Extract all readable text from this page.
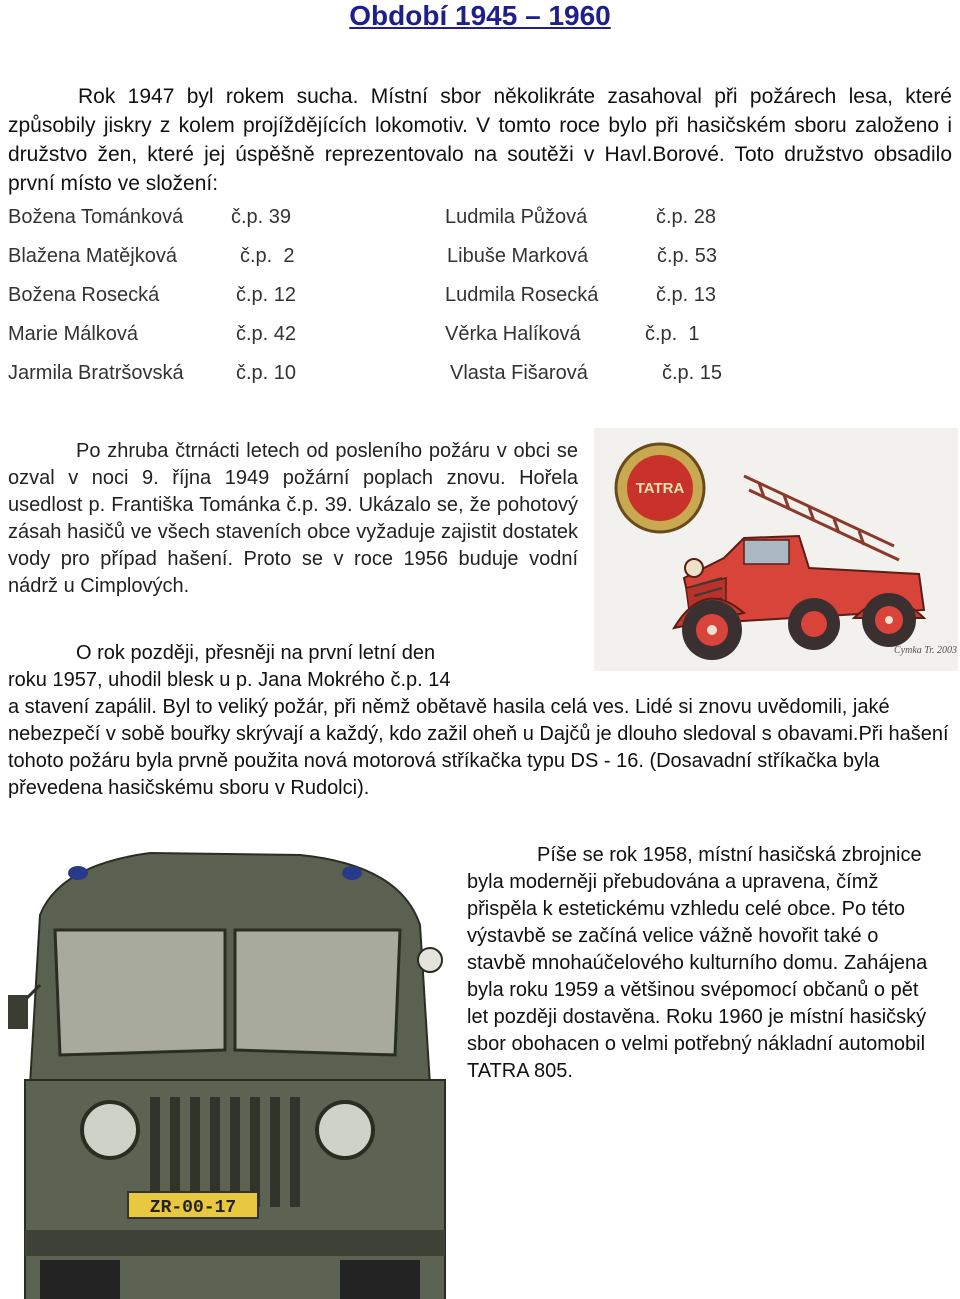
Období 1945 – 1960
Rok 1947 byl rokem sucha. Místní sbor několikráte zasahoval při požárech lesa, které způsobily jiskry z kolem projíždějících lokomotiv. V tomto roce bylo při hasičském sboru založeno i družstvo žen, které jej úspěšně reprezentovalo na soutěži v Havl.Borové. Toto družstvo obsadilo první místo ve složení:
Božena Tománková č.p. 39	Ludmila Půžová	č.p. 28
Blažena Matějková	č.p.  2	Libuše Marková	č.p. 53
Božena Rosecká	č.p. 12	Ludmila Rosecká	č.p. 13
Marie Málková	č.p. 42	Věrka Halíková	č.p.  1
Jarmila Bratršovská	č.p. 10	Vlasta Fišarová	č.p. 15
Po zhruba čtrnácti letech od posleního požáru v obci se ozval v noci 9. října 1949 požární poplach znovu. Hořela usedlost p. Františka Tománka č.p. 39. Ukázalo se, že pohotový zásah hasičů ve všech staveních obce vyžaduje zajistit dostatek vody pro případ hašení. Proto se v roce 1956 buduje vodní nádrž u Cimplových.
TATRA
Cymka Tr. 2003
O rok později, přesněji na první letní den
roku 1957, uhodil blesk u p. Jana Mokrého č.p. 14
a stavení zapálil. Byl to veliký požár, při němž obětavě hasila celá ves. Lidé si znovu uvědomili, jaké nebezpečí v sobě bouřky skrývají a každý, kdo zažil oheň u Dajčů je dlouho sledoval s obavami.Při hašení tohoto požáru byla prvně použita nová motorová stříkačka typu DS - 16. (Dosavadní stříkačka byla převedena hasičskému sboru v Rudolci).
ZR-00-17
Píše se rok 1958, místní hasičská zbrojnice byla moderněji přebudována a upravena, čímž přispěla k estetickému vzhledu celé obce. Po této výstavbě se začíná velice vážně hovořit také o stavbě mnohaúčelového kulturního domu. Zahájena byla roku 1959 a většinou svépomocí občanů o pět let později dostavěna. Roku 1960 je místní hasičský sbor obohacen o velmi potřebný nákladní automobil TATRA 805.
